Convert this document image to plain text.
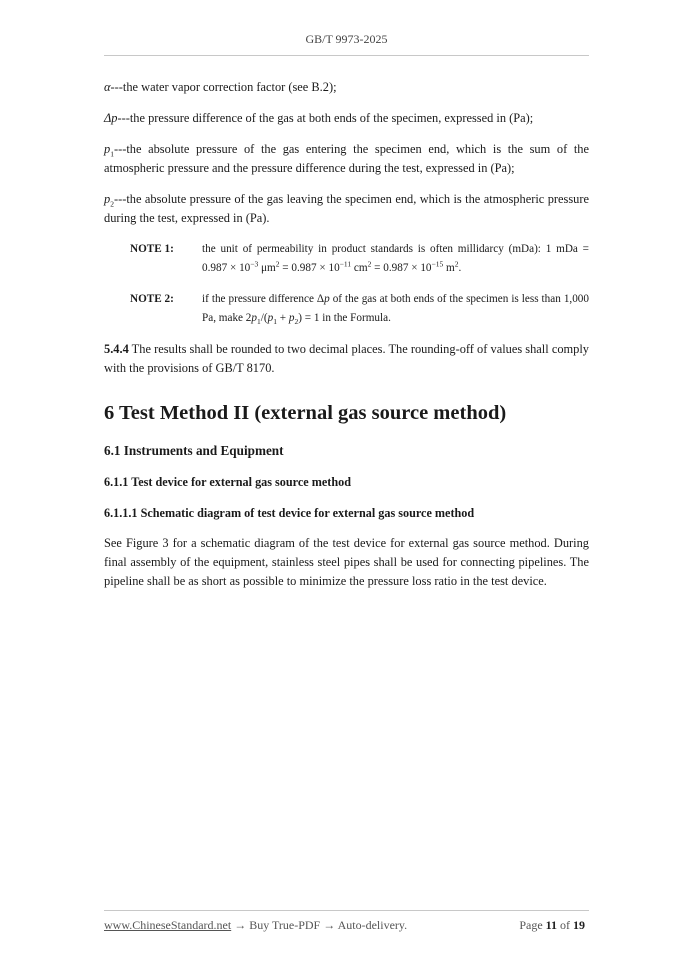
GB/T 9973-2025

α---the water vapor correction factor (see B.2);

Δp---the pressure difference of the gas at both ends of the specimen, expressed in (Pa);

$p_1--$-the absolute pressure of the gas entering the specimen end, which is the sum of the atmospheric pressure and the pressure difference during the test, expressed in (Pa);

$p_2--$-the absolute pressure of the gas leaving the specimen end, which is the atmospheric pressure during the test, expressed in (Pa).

NOTE 1:	the unit of permeability in product standards is often millidarcy (mDa): 1 mDa = $0.987 \times 10^{-3}$ $\mu m^2 = 0.987 \times 10^{-11}$ $cm^2 = 0.987 \times 10^{-15}$ $m^2$.
NOTE 2:	if the pressure difference Δp of the gas at both ends of the specimen is less than 1,000 Pa, make $2p_1/(p_1 + p_2) = 1$ in the Formula.

5.4.4 The results shall be rounded to two decimal places. The rounding-off of values shall comply with the provisions of GB/T 8170.

6 Test Method II (external gas source method)
6.1 Instruments and Equipment
6.1.1 Test device for external gas source method
6.1.1.1 Schematic diagram of test device for external gas source method

See Figure 3 for a schematic diagram of the test device for external gas source method. During final assembly of the equipment, stainless steel pipes shall be used for connecting pipelines. The pipeline shall be as short as possible to minimize the pressure loss ratio in the test device.

www.ChineseStandard.net → Buy True-PDF → Auto-delivery.	Page 11 of 19
